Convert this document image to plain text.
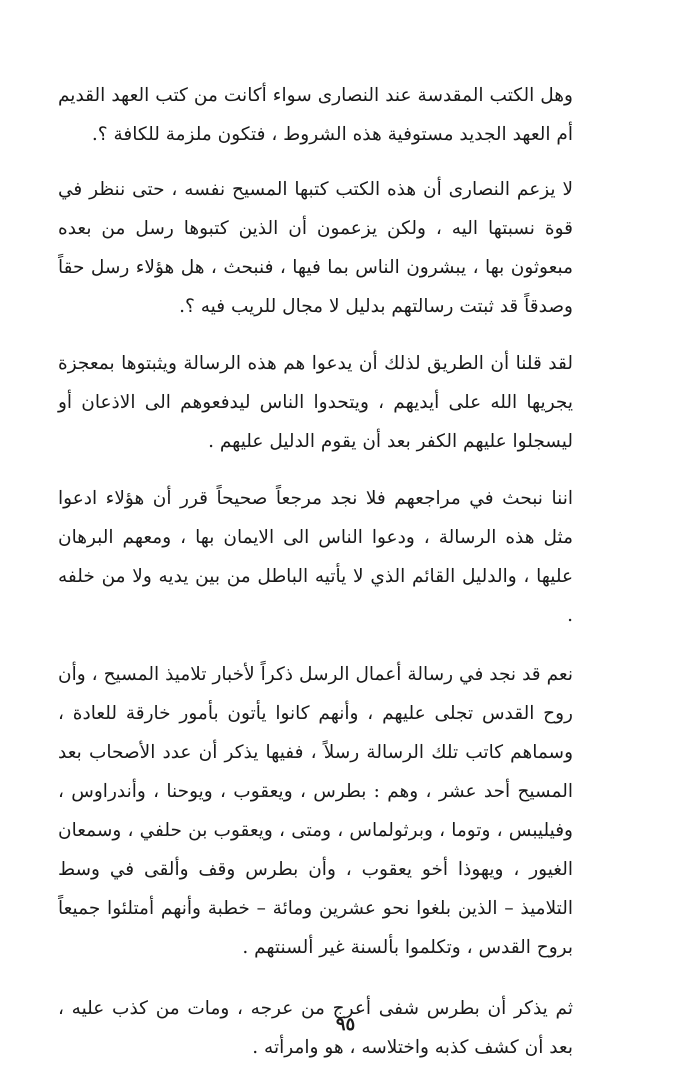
وهل الكتب المقدسة عند النصارى سواء أكانت من كتب العهد القديم أم العهد الجديد مستوفية هذه الشروط ، فتكون ملزمة للكافة ؟.

لا يزعم النصارى أن هذه الكتب كتبها المسيح نفسه ، حتى ننظر في قوة نسبتها اليه ، ولكن يزعمون أن الذين كتبوها رسل من بعده مبعوثون بها ، يبشرون الناس بما فيها ، فنبحث ، هل هؤلاء رسل حقاً وصدقاً قد ثبتت رسالتهم بدليل لا مجال للريب فيه ؟.

لقد قلنا أن الطريق لذلك أن يدعوا هم هذه الرسالة ويثبتوها بمعجزة يجريها الله على أيديهم ، ويتحدوا الناس ليدفعوهم الى الاذعان أو ليسجلوا عليهم الكفر بعد أن يقوم الدليل عليهم .

اننا نبحث في مراجعهم فلا نجد مرجعاً صحيحاً قرر أن هؤلاء ادعوا مثل هذه الرسالة ، ودعوا الناس الى الايمان بها ، ومعهم البرهان عليها ، والدليل القائم الذي لا يأتيه الباطل من بين يديه ولا من خلفه .

نعم قد نجد في رسالة أعمال الرسل ذكراً لأخبار تلاميذ المسيح ، وأن روح القدس تجلى عليهم ، وأنهم كانوا يأتون بأمور خارقة للعادة ، وسماهم كاتب تلك الرسالة رسلاً ، ففيها يذكر أن عدد الأصحاب بعد المسيح أحد عشر ، وهم : بطرس ، ويعقوب ، ويوحنا ، وأندراوس ، وفيليبس ، وتوما ، وبرثولماس ، ومتى ، ويعقوب بن حلفي ، وسمعان الغيور ، ويهوذا أخو يعقوب ، وأن بطرس وقف وألقى في وسط التلاميذ – الذين بلغوا نحو عشرين ومائة – خطبة وأنهم أمتلئوا جميعاً بروح القدس ، وتكلموا بألسنة غير ألسنتهم .

ثم يذكر أن بطرس شفى أعرج من عرجه ، ومات من كذب عليه ، بعد أن كشف كذبه واختلاسه ، هو وامرأته .

٩٥
